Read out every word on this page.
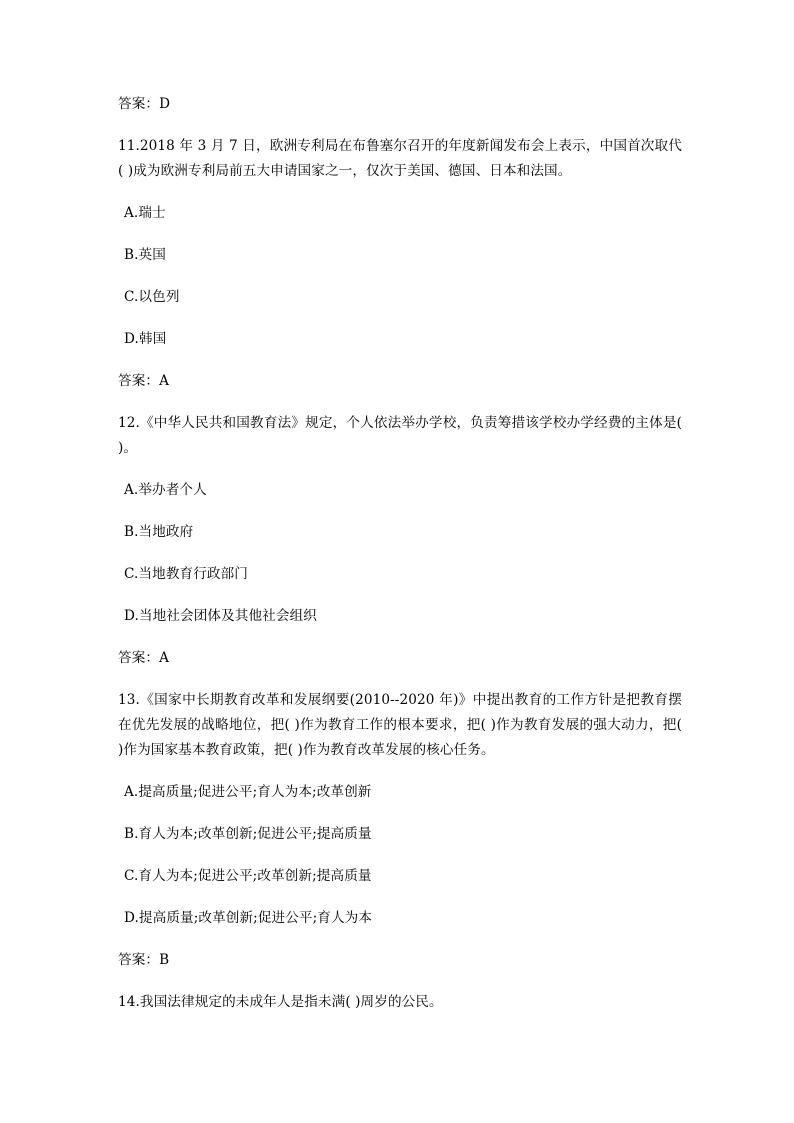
答案：D

11.2018 年 3 月 7 日，欧洲专利局在布鲁塞尔召开的年度新闻发布会上表示，中国首次取代( )成为欧洲专利局前五大申请国家之一，仅次于美国、德国、日本和法国。

A.瑞士

B.英国

C.以色列

D.韩国

答案：A

12.《中华人民共和国教育法》规定，个人依法举办学校，负责筹措该学校办学经费的主体是( )。

A.举办者个人

B.当地政府

C.当地教育行政部门

D.当地社会团体及其他社会组织

答案：A

13.《国家中长期教育改革和发展纲要(2010--2020 年)》中提出教育的工作方针是把教育摆在优先发展的战略地位，把( )作为教育工作的根本要求，把( )作为教育发展的强大动力，把( )作为国家基本教育政策，把( )作为教育改革发展的核心任务。

A.提高质量;促进公平;育人为本;改革创新

B.育人为本;改革创新;促进公平;提高质量

C.育人为本;促进公平;改革创新;提高质量

D.提高质量;改革创新;促进公平;育人为本

答案：B

14.我国法律规定的未成年人是指未满( )周岁的公民。
